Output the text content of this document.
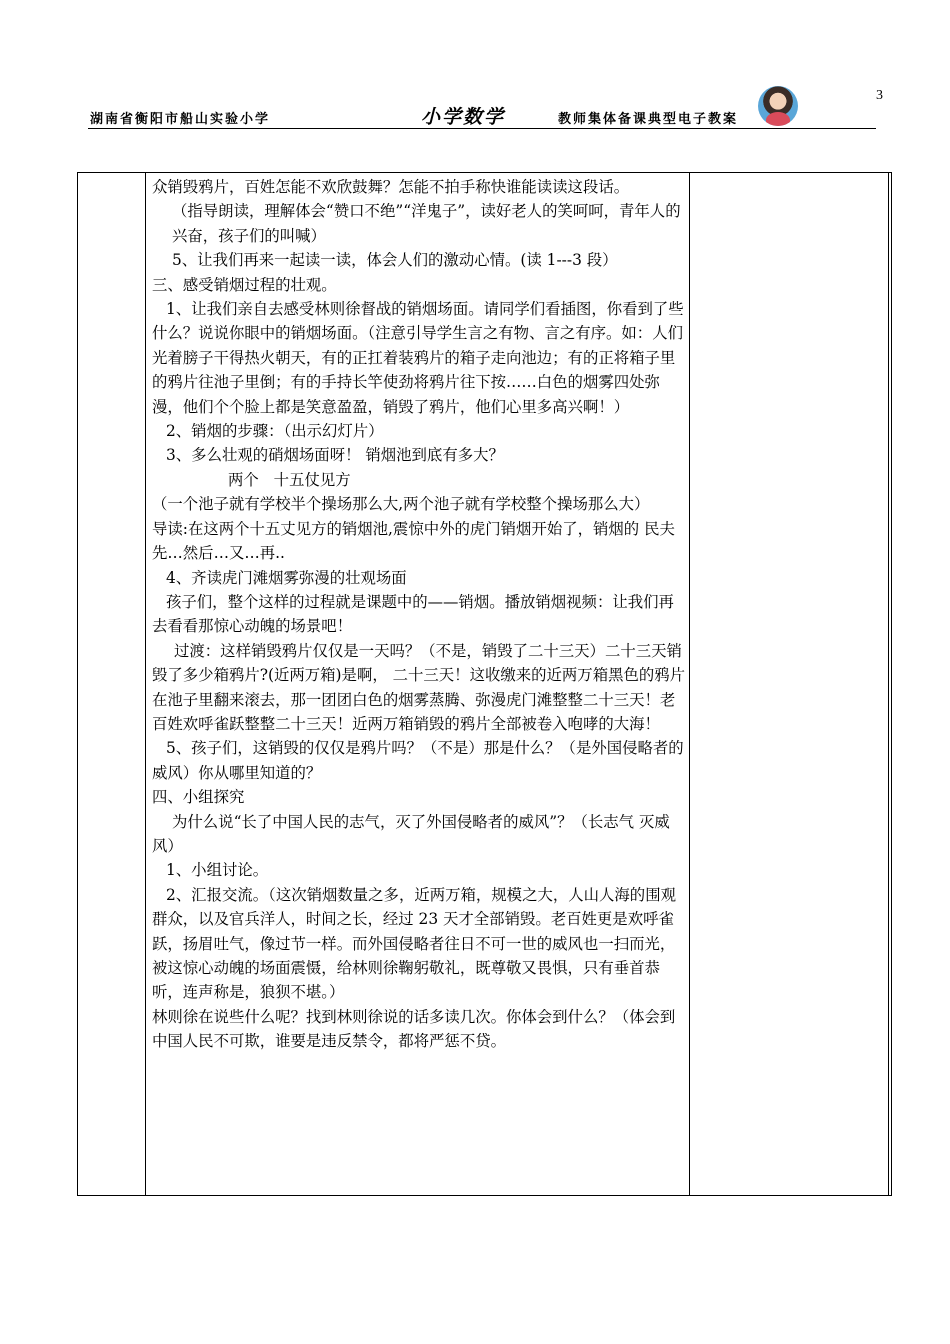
3
湖南省衡阳市船山实验小学	小学数学	教师集体备课典型电子教案

众销毁鸦片，百姓怎能不欢欣鼓舞？怎能不拍手称快谁能读读这段话。

（指导朗读，理解体会“赞口不绝”“洋鬼子”，读好老人的笑呵呵，青年人的兴奋，孩子们的叫喊）

5、让我们再来一起读一读，体会人们的激动心情。(读 1---3 段）

三、感受销烟过程的壮观。

1、让我们亲自去感受林则徐督战的销烟场面。请同学们看插图，你看到了些什么？说说你眼中的销烟场面。（注意引导学生言之有物、言之有序。如：人们光着膀子干得热火朝天，有的正扛着装鸦片的箱子走向池边；有的正将箱子里的鸦片往池子里倒；有的手持长竿使劲将鸦片往下按……白色的烟雾四处弥漫，他们个个脸上都是笑意盈盈，销毁了鸦片，他们心里多高兴啊！）

2、销烟的步骤：（出示幻灯片）

3、多么壮观的硝烟场面呀！ 销烟池到底有多大？

两个 十五仗见方

（一个池子就有学校半个操场那么大,两个池子就有学校整个操场那么大）

导读:在这两个十五丈见方的销烟池,震惊中外的虎门销烟开始了，销烟的 民夫先…然后…又…再..

4、齐读虎门滩烟雾弥漫的壮观场面

孩子们，整个这样的过程就是课题中的——销烟。播放销烟视频：让我们再去看看那惊心动魄的场景吧！

过渡：这样销毁鸦片仅仅是一天吗？（不是，销毁了二十三天）二十三天销毁了多少箱鸦片?(近两万箱)是啊， 二十三天！这收缴来的近两万箱黑色的鸦片在池子里翻来滚去，那一团团白色的烟雾蒸腾、弥漫虎门滩整整二十三天！老百姓欢呼雀跃整整二十三天！近两万箱销毁的鸦片全部被卷入咆哮的大海！

5、孩子们，这销毁的仅仅是鸦片吗？（不是）那是什么？（是外国侵略者的威风）你从哪里知道的？

四、小组探究

为什么说“长了中国人民的志气，灭了外国侵略者的威风”？（长志气 灭威风）

1、小组讨论。

2、汇报交流。（这次销烟数量之多，近两万箱，规模之大，人山人海的围观群众，以及官兵洋人，时间之长，经过 23 天才全部销毁。老百姓更是欢呼雀跃，扬眉吐气，像过节一样。而外国侵略者往日不可一世的威风也一扫而光，被这惊心动魄的场面震慑，给林则徐鞠躬敬礼，既尊敬又畏惧，只有垂首恭听，连声称是，狼狈不堪。）

林则徐在说些什么呢？找到林则徐说的话多读几次。你体会到什么？（体会到中国人民不可欺，谁要是违反禁令，都将严惩不贷。
